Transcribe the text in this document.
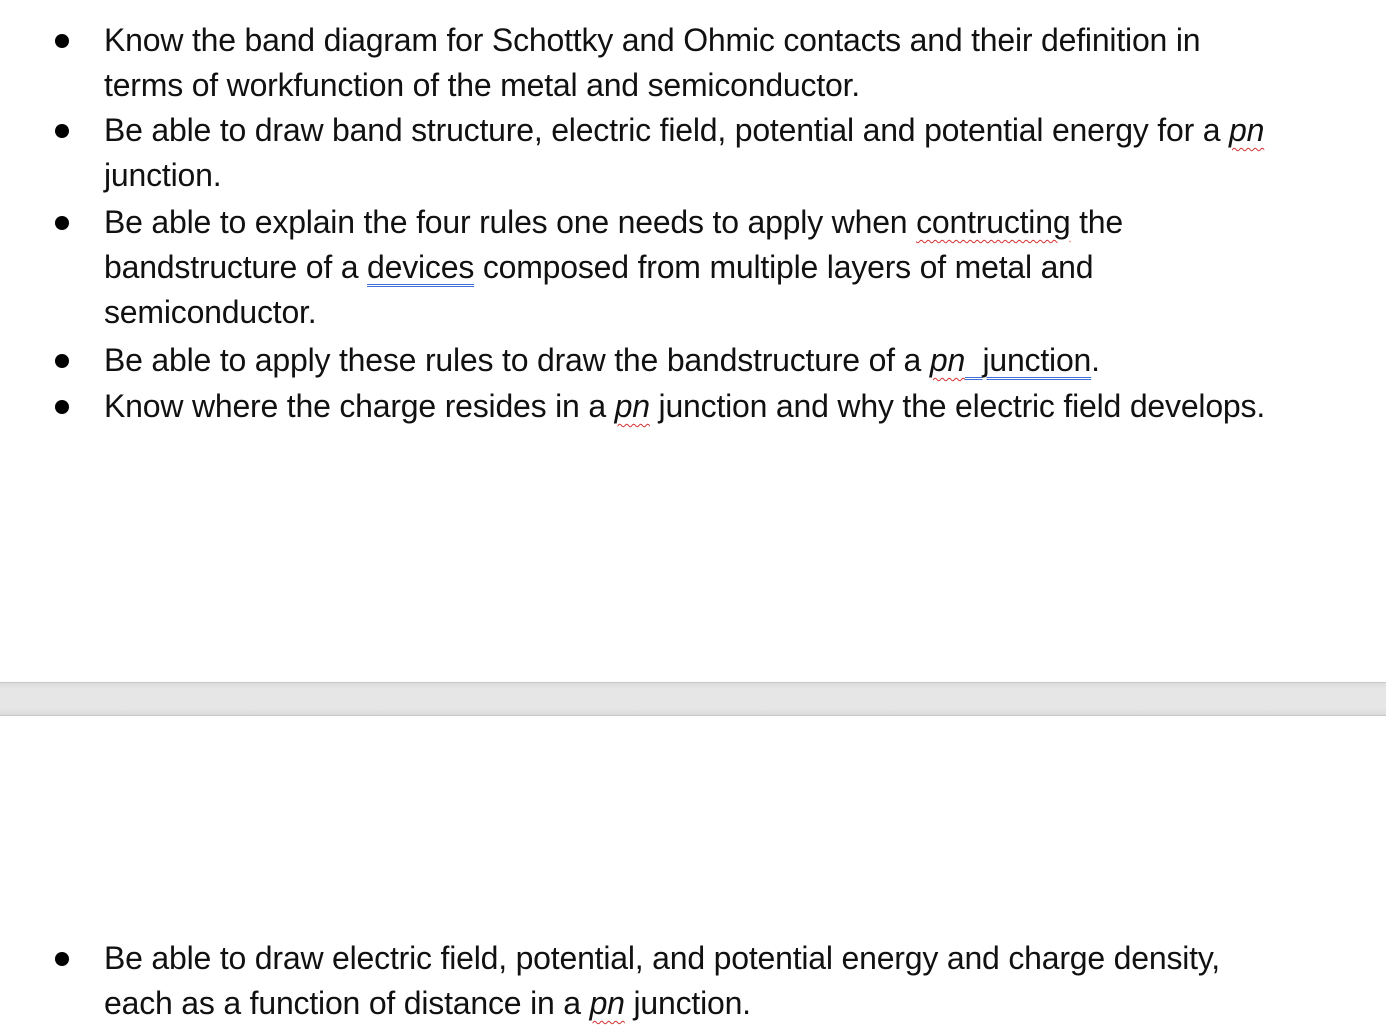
Know the band diagram for Schottky and Ohmic contacts and their definition in
terms of workfunction of the metal and semiconductor.
Be able to draw band structure, electric field, potential and potential energy for a pn
junction.
Be able to explain the four rules one needs to apply when contructing the
bandstructure of a devices composed from multiple layers of metal and
semiconductor.
Be able to apply these rules to draw the bandstructure of a pn junction.
Know where the charge resides in a pn junction and why the electric field develops.
Be able to draw electric field, potential, and potential energy and charge density,
each as a function of distance in a pn junction.
